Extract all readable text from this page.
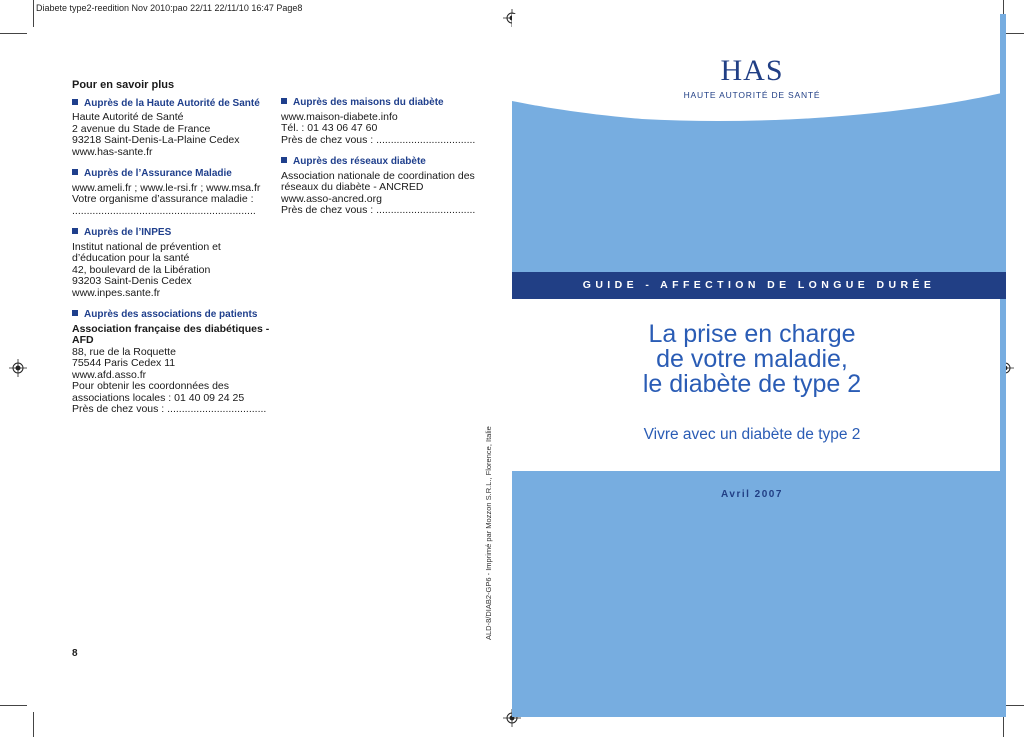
Diabete type2-reedition Nov 2010:pao 22/11 22/11/10 16:47 Page8
Pour en savoir plus
Auprès de la Haute Autorité de Santé
Haute Autorité de Santé
2 avenue du Stade de France
93218 Saint-Denis-La-Plaine Cedex
www.has-sante.fr
Auprès de l’Assurance Maladie
www.ameli.fr ; www.le-rsi.fr ; www.msa.fr
Votre organisme d’assurance maladie :
...............................................................
Auprès de l’INPES
Institut national de prévention et
d’éducation pour la santé
42, boulevard de la Libération
93203 Saint-Denis Cedex
www.inpes.sante.fr
Auprès des associations de patients
Association française des diabétiques -
AFD
88, rue de la Roquette
75544 Paris Cedex 11
www.afd.asso.fr
Pour obtenir les coordonnées des
associations locales : 01 40 09 24 25
Près de chez vous : ..................................
Auprès des maisons du diabète
www.maison-diabete.info
Tél. : 01 43 06 47 60
Près de chez vous : ..................................
Auprès des réseaux diabète
Association nationale de coordination des
réseaux du diabète - ANCRED
www.asso-ancred.org
Près de chez vous : ..................................
8
ALD-8/DIAB2-GP6 - Imprimé par Mozzon S.R.L., Florence, Italie
HAS
HAUTE AUTORITÉ DE SANTÉ
GUIDE - AFFECTION DE LONGUE DURÉE
La prise en charge
de votre maladie,
le diabète de type 2
Vivre avec un diabète de type 2
Avril 2007
